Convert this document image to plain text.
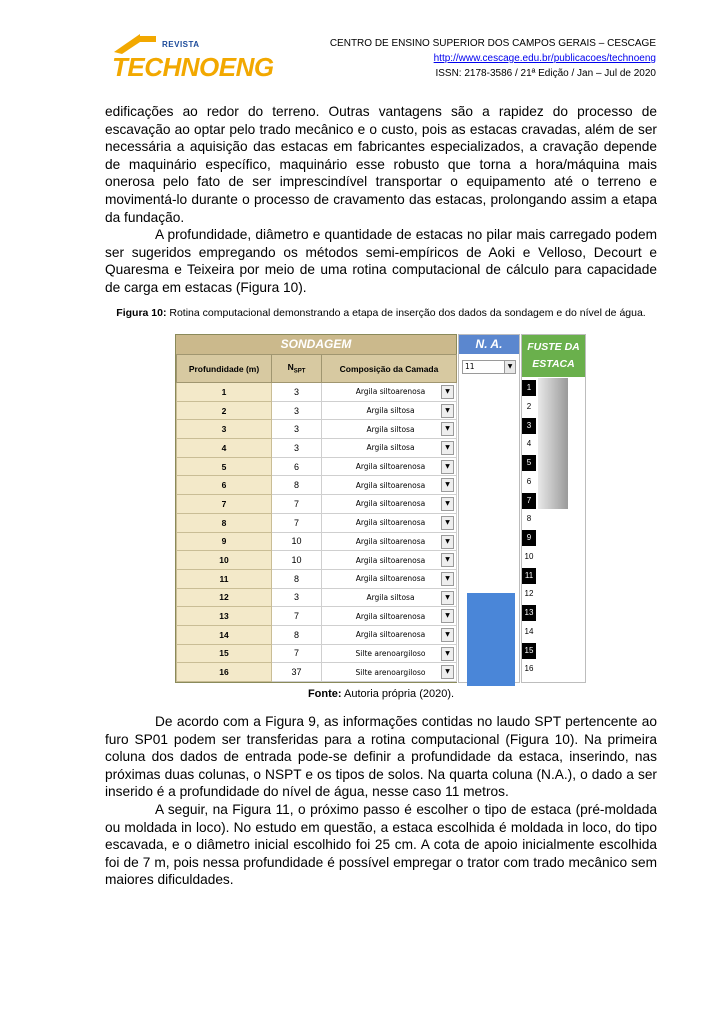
REVISTA
TECHNOENG
CENTRO DE ENSINO SUPERIOR DOS CAMPOS GERAIS – CESCAGE
http://www.cescage.edu.br/publicacoes/technoeng
ISSN: 2178-3586 / 21ª Edição / Jan – Jul de 2020

edificações ao redor do terreno. Outras vantagens são a rapidez do processo de escavação ao optar pelo trado mecânico e o custo, pois as estacas cravadas, além de ser necessária a aquisição das estacas em fabricantes especializados, a cravação depende de maquinário específico, maquinário esse robusto que torna a hora/máquina mais onerosa pelo fato de ser imprescindível transportar o equipamento até o terreno e movimentá-lo durante o processo de cravamento das estacas, prolongando assim a etapa da fundação.

A profundidade, diâmetro e quantidade de estacas no pilar mais carregado podem ser sugeridos empregando os métodos semi-empíricos de Aoki e Velloso, Decourt e Quaresma e Teixeira por meio de uma rotina computacional de cálculo para capacidade de carga em estacas (Figura 10).

Figura 10: Rotina computacional demonstrando a etapa de inserção dos dados da sondagem e do nível de água.
SONDAGEM
Profundidade (m)	$N_{SPT}$	Composição da Camada
1	3	Argila siltoarenosa ▼

2	3	Argila siltosa ▼

3	3	Argila siltosa ▼

4	3	Argila siltosa ▼

5	6	Argila siltoarenosa ▼

6	8	Argila siltoarenosa ▼

7	7	Argila siltoarenosa ▼

8	7	Argila siltoarenosa ▼

9	10	Argila siltoarenosa ▼

10	10	Argila siltoarenosa ▼

11	8	Argila siltoarenosa ▼

12	3	Argila siltosa ▼

13	7	Argila siltoarenosa ▼

14	8	Argila siltoarenosa ▼

15	7	Silte arenoargiloso ▼

16	37	Silte arenoargiloso ▼
N. A.
11	▼
FUSTE DA
ESTACA
1
2
3
4
5
6
7
8
9
10
11
12
13
14
15
16
Fonte: Autoria própria (2020).

De acordo com a Figura 9, as informações contidas no laudo SPT pertencente ao furo SP01 podem ser transferidas para a rotina computacional (Figura 10). Na primeira coluna dos dados de entrada pode-se definir a profundidade da estaca, inserindo, nas próximas duas colunas, o NSPT e os tipos de solos. Na quarta coluna (N.A.), o dado a ser inserido é a profundidade do nível de água, nesse caso 11 metros.

A seguir, na Figura 11, o próximo passo é escolher o tipo de estaca (pré-moldada ou moldada in loco). No estudo em questão, a estaca escolhida é moldada in loco, do tipo escavada, e o diâmetro inicial escolhido foi 25 cm. A cota de apoio inicialmente escolhida foi de 7 m, pois nessa profundidade é possível empregar o trator com trado mecânico sem maiores dificuldades.
